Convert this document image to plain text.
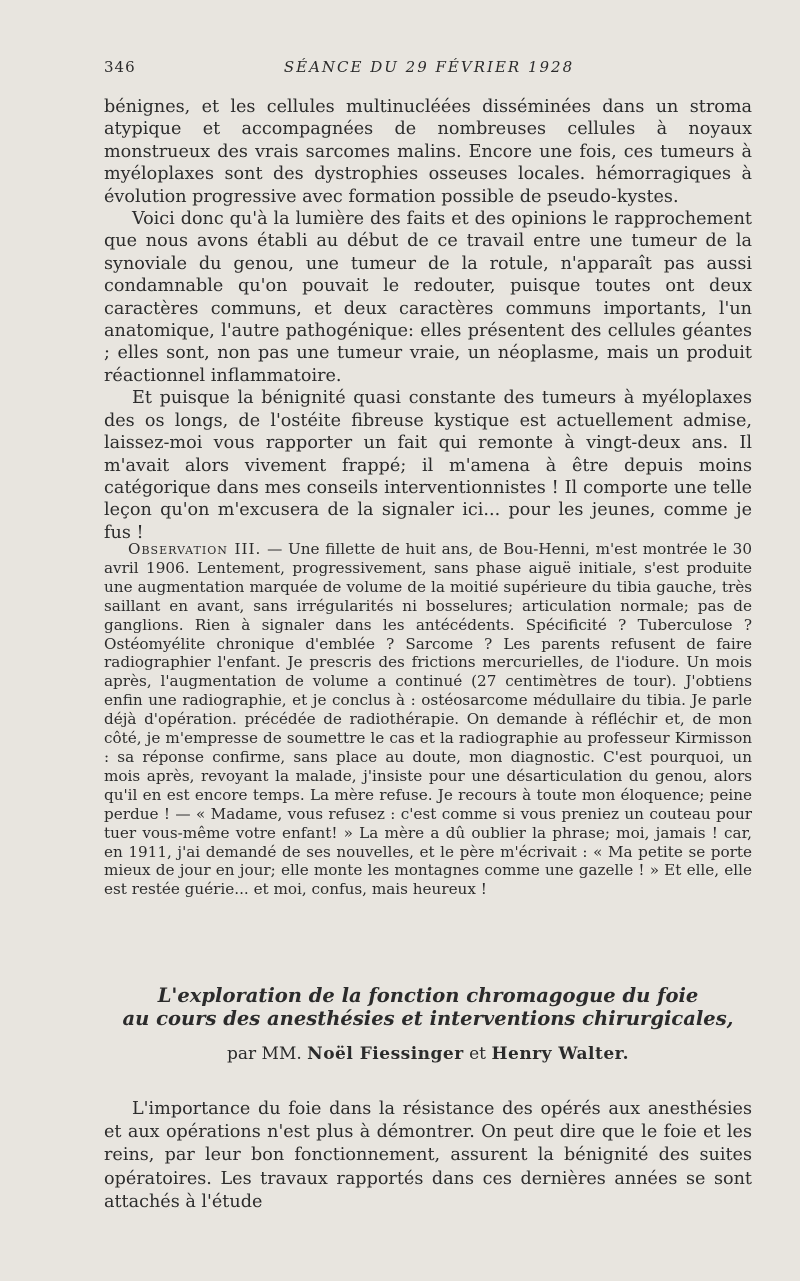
346	SÉANCE DU 29 FÉVRIER 1928

bénignes, et les cellules multinucléées disséminées dans un stroma atypique et accompagnées de nombreuses cellules à noyaux monstrueux des vrais sarcomes malins. Encore une fois, ces tumeurs à myéloplaxes sont des dystrophies osseuses locales. hémorragiques à évolution progressive avec formation possible de pseudo-kystes.

Voici donc qu'à la lumière des faits et des opinions le rapprochement que nous avons établi au début de ce travail entre une tumeur de la synoviale du genou, une tumeur de la rotule, n'apparaît pas aussi condamnable qu'on pouvait le redouter, puisque toutes ont deux caractères communs, et deux caractères communs importants, l'un anatomique, l'autre pathogénique: elles présentent des cellules géantes ; elles sont, non pas une tumeur vraie, un néoplasme, mais un produit réactionnel inflammatoire.

Et puisque la bénignité quasi constante des tumeurs à myéloplaxes des os longs, de l'ostéite fibreuse kystique est actuellement admise, laissez-moi vous rapporter un fait qui remonte à vingt-deux ans. Il m'avait alors vivement frappé; il m'amena à être depuis moins catégorique dans mes conseils interventionnistes ! Il comporte une telle leçon qu'on m'excusera de la signaler ici... pour les jeunes, comme je fus !

Observation III. — Une fillette de huit ans, de Bou-Henni, m'est montrée le 30 avril 1906. Lentement, progressivement, sans phase aiguë initiale, s'est produite une augmentation marquée de volume de la moitié supérieure du tibia gauche, très saillant en avant, sans irrégularités ni bosselures; articulation normale; pas de ganglions. Rien à signaler dans les antécédents. Spécificité ? Tuberculose ? Ostéomyélite chronique d'emblée ? Sarcome ? Les parents refusent de faire radiographier l'enfant. Je prescris des frictions mercurielles, de l'iodure. Un mois après, l'augmentation de volume a continué (27 centimètres de tour). J'obtiens enfin une radiographie, et je conclus à : ostéosarcome médullaire du tibia. Je parle déjà d'opération. précédée de radiothérapie. On demande à réfléchir et, de mon côté, je m'empresse de soumettre le cas et la radiographie au professeur Kirmisson : sa réponse confirme, sans place au doute, mon diagnostic. C'est pourquoi, un mois après, revoyant la malade, j'insiste pour une désarticulation du genou, alors qu'il en est encore temps. La mère refuse. Je recours à toute mon éloquence; peine perdue ! — « Madame, vous refusez : c'est comme si vous preniez un couteau pour tuer vous-même votre enfant! » La mère a dû oublier la phrase; moi, jamais ! car, en 1911, j'ai demandé de ses nouvelles, et le père m'écrivait : « Ma petite se porte mieux de jour en jour; elle monte les montagnes comme une gazelle ! » Et elle, elle est restée guérie... et moi, confus, mais heureux !

L'exploration de la fonction chromagogue du foie
au cours des anesthésies et interventions chirurgicales,
par MM. Noël Fiessinger et Henry Walter.

L'importance du foie dans la résistance des opérés aux anesthésies et aux opérations n'est plus à démontrer. On peut dire que le foie et les reins, par leur bon fonctionnement, assurent la bénignité des suites opératoires. Les travaux rapportés dans ces dernières années se sont attachés à l'étude
